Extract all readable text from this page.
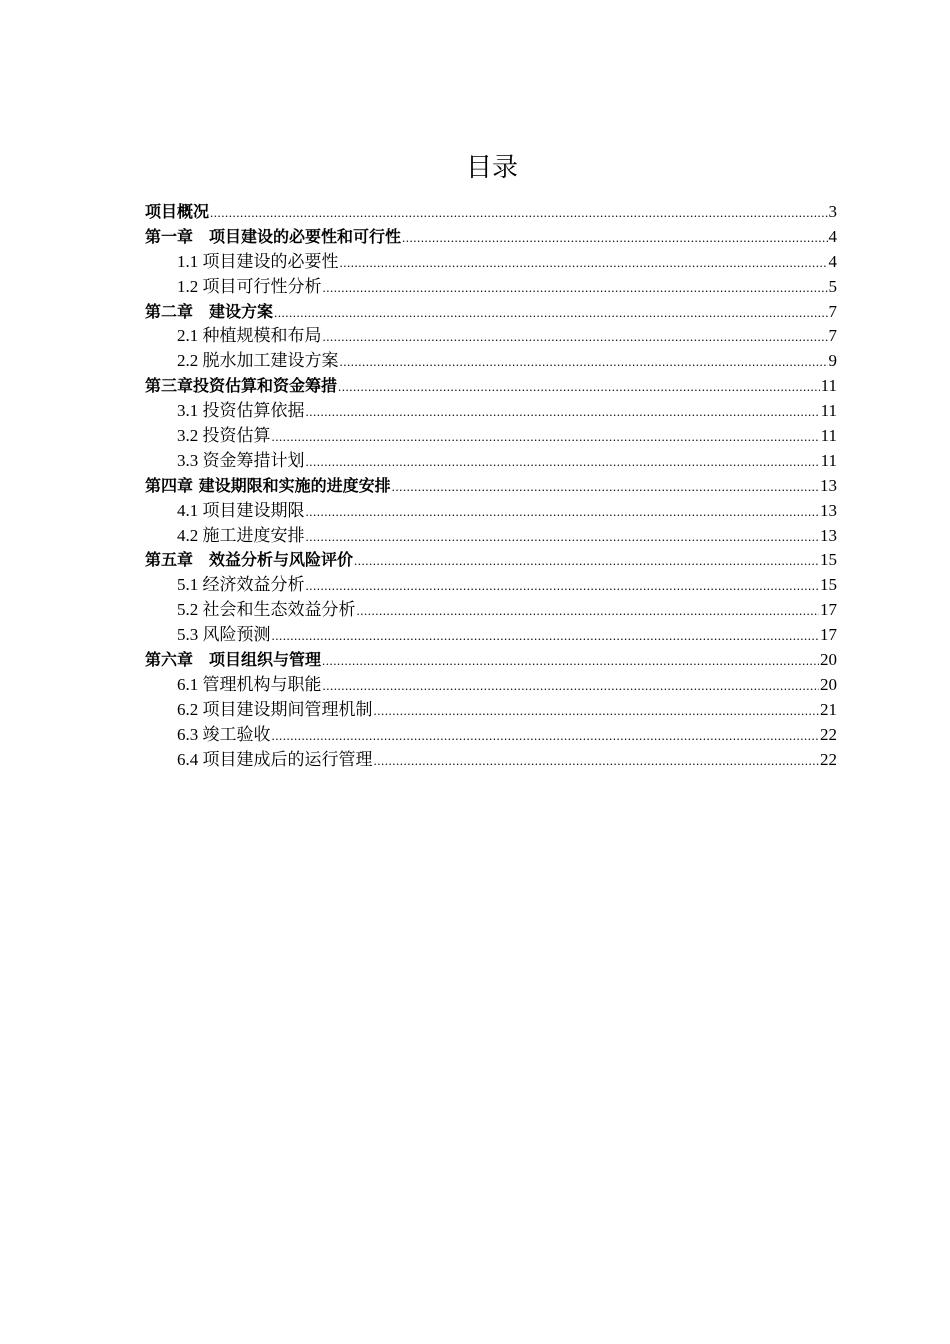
目录
项目概况 .....	3
第一章　项目建设的必要性和可行性 .....	4
1.1 项目建设的必要性 .....	4
1.2 项目可行性分析 .....	5
第二章　建设方案 .....	7
2.1 种植规模和布局 .....	7
2.2 脱水加工建设方案 .....	9
第三章投资估算和资金筹措 .....	11
3.1 投资估算依据 .....	11
3.2 投资估算 .....	11
3.3 资金筹措计划 .....	11
第四章 建设期限和实施的进度安排 .....	13
4.1 项目建设期限 .....	13
4.2 施工进度安排 .....	13
第五章　效益分析与风险评价 .....	15
5.1 经济效益分析 .....	15
5.2 社会和生态效益分析 .....	17
5.3 风险预测 .....	17
第六章　项目组织与管理 .....	20
6.1 管理机构与职能 .....	20
6.2 项目建设期间管理机制 .....	21
6.3 竣工验收 .....	22
6.4 项目建成后的运行管理 .....	22
